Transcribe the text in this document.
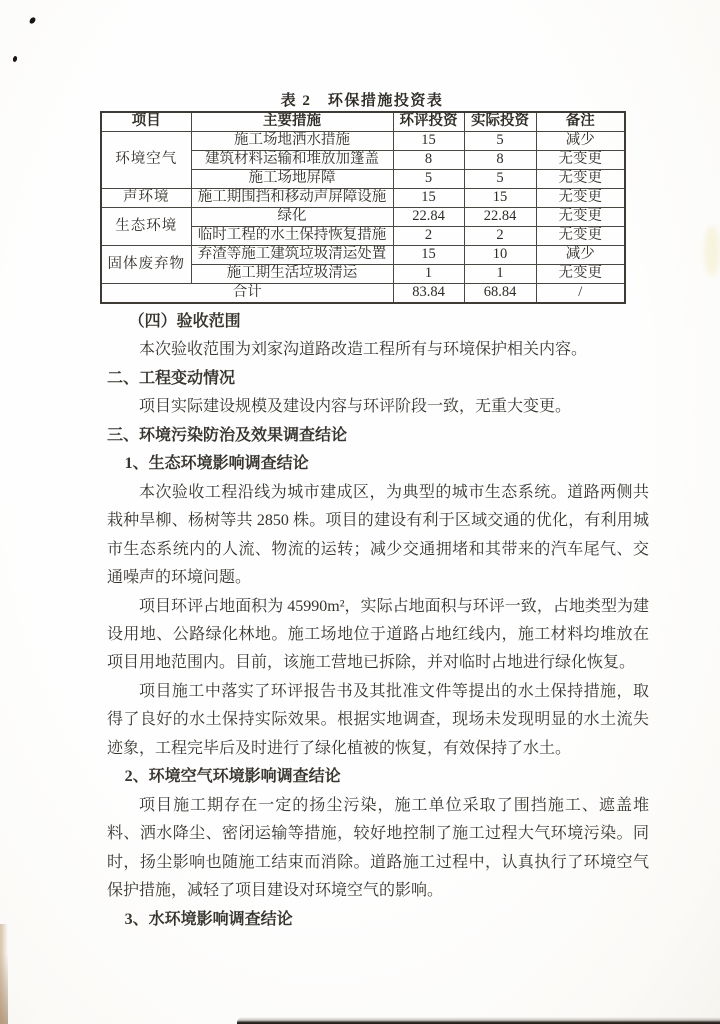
表 2　环保措施投资表
项目	主要措施	环评投资	实际投资	备注
环境空气	施工场地洒水措施	15	5	减少
	建筑材料运输和堆放加篷盖	8	8	无变更
	施工场地屏障	5	5	无变更
声环境	施工期围挡和移动声屏障设施	15	15	无变更
生态环境	绿化	22.84	22.84	无变更
	临时工程的水土保持恢复措施	2	2	无变更
固体废弃物	弃渣等施工建筑垃圾清运处置	15	10	减少
	施工期生活垃圾清运	1	1	无变更
合计		83.84	68.84	/

（四）验收范围

本次验收范围为刘家沟道路改造工程所有与环境保护相关内容。

二、工程变动情况

项目实际建设规模及建设内容与环评阶段一致，无重大变更。

三、环境污染防治及效果调查结论

1、生态环境影响调查结论

本次验收工程沿线为城市建成区，为典型的城市生态系统。道路两侧共栽种旱柳、杨树等共 2850 株。项目的建设有利于区域交通的优化，有利用城市生态系统内的人流、物流的运转；减少交通拥堵和其带来的汽车尾气、交通噪声的环境问题。

项目环评占地面积为 45990m²，实际占地面积与环评一致，占地类型为建设用地、公路绿化林地。施工场地位于道路占地红线内，施工材料均堆放在项目用地范围内。目前，该施工营地已拆除，并对临时占地进行绿化恢复。

项目施工中落实了环评报告书及其批准文件等提出的水土保持措施，取得了良好的水土保持实际效果。根据实地调查，现场未发现明显的水土流失迹象，工程完毕后及时进行了绿化植被的恢复，有效保持了水土。

2、环境空气环境影响调查结论

项目施工期存在一定的扬尘污染，施工单位采取了围挡施工、遮盖堆料、洒水降尘、密闭运输等措施，较好地控制了施工过程大气环境污染。同时，扬尘影响也随施工结束而消除。道路施工过程中，认真执行了环境空气保护措施，减轻了项目建设对环境空气的影响。

3、水环境影响调查结论
